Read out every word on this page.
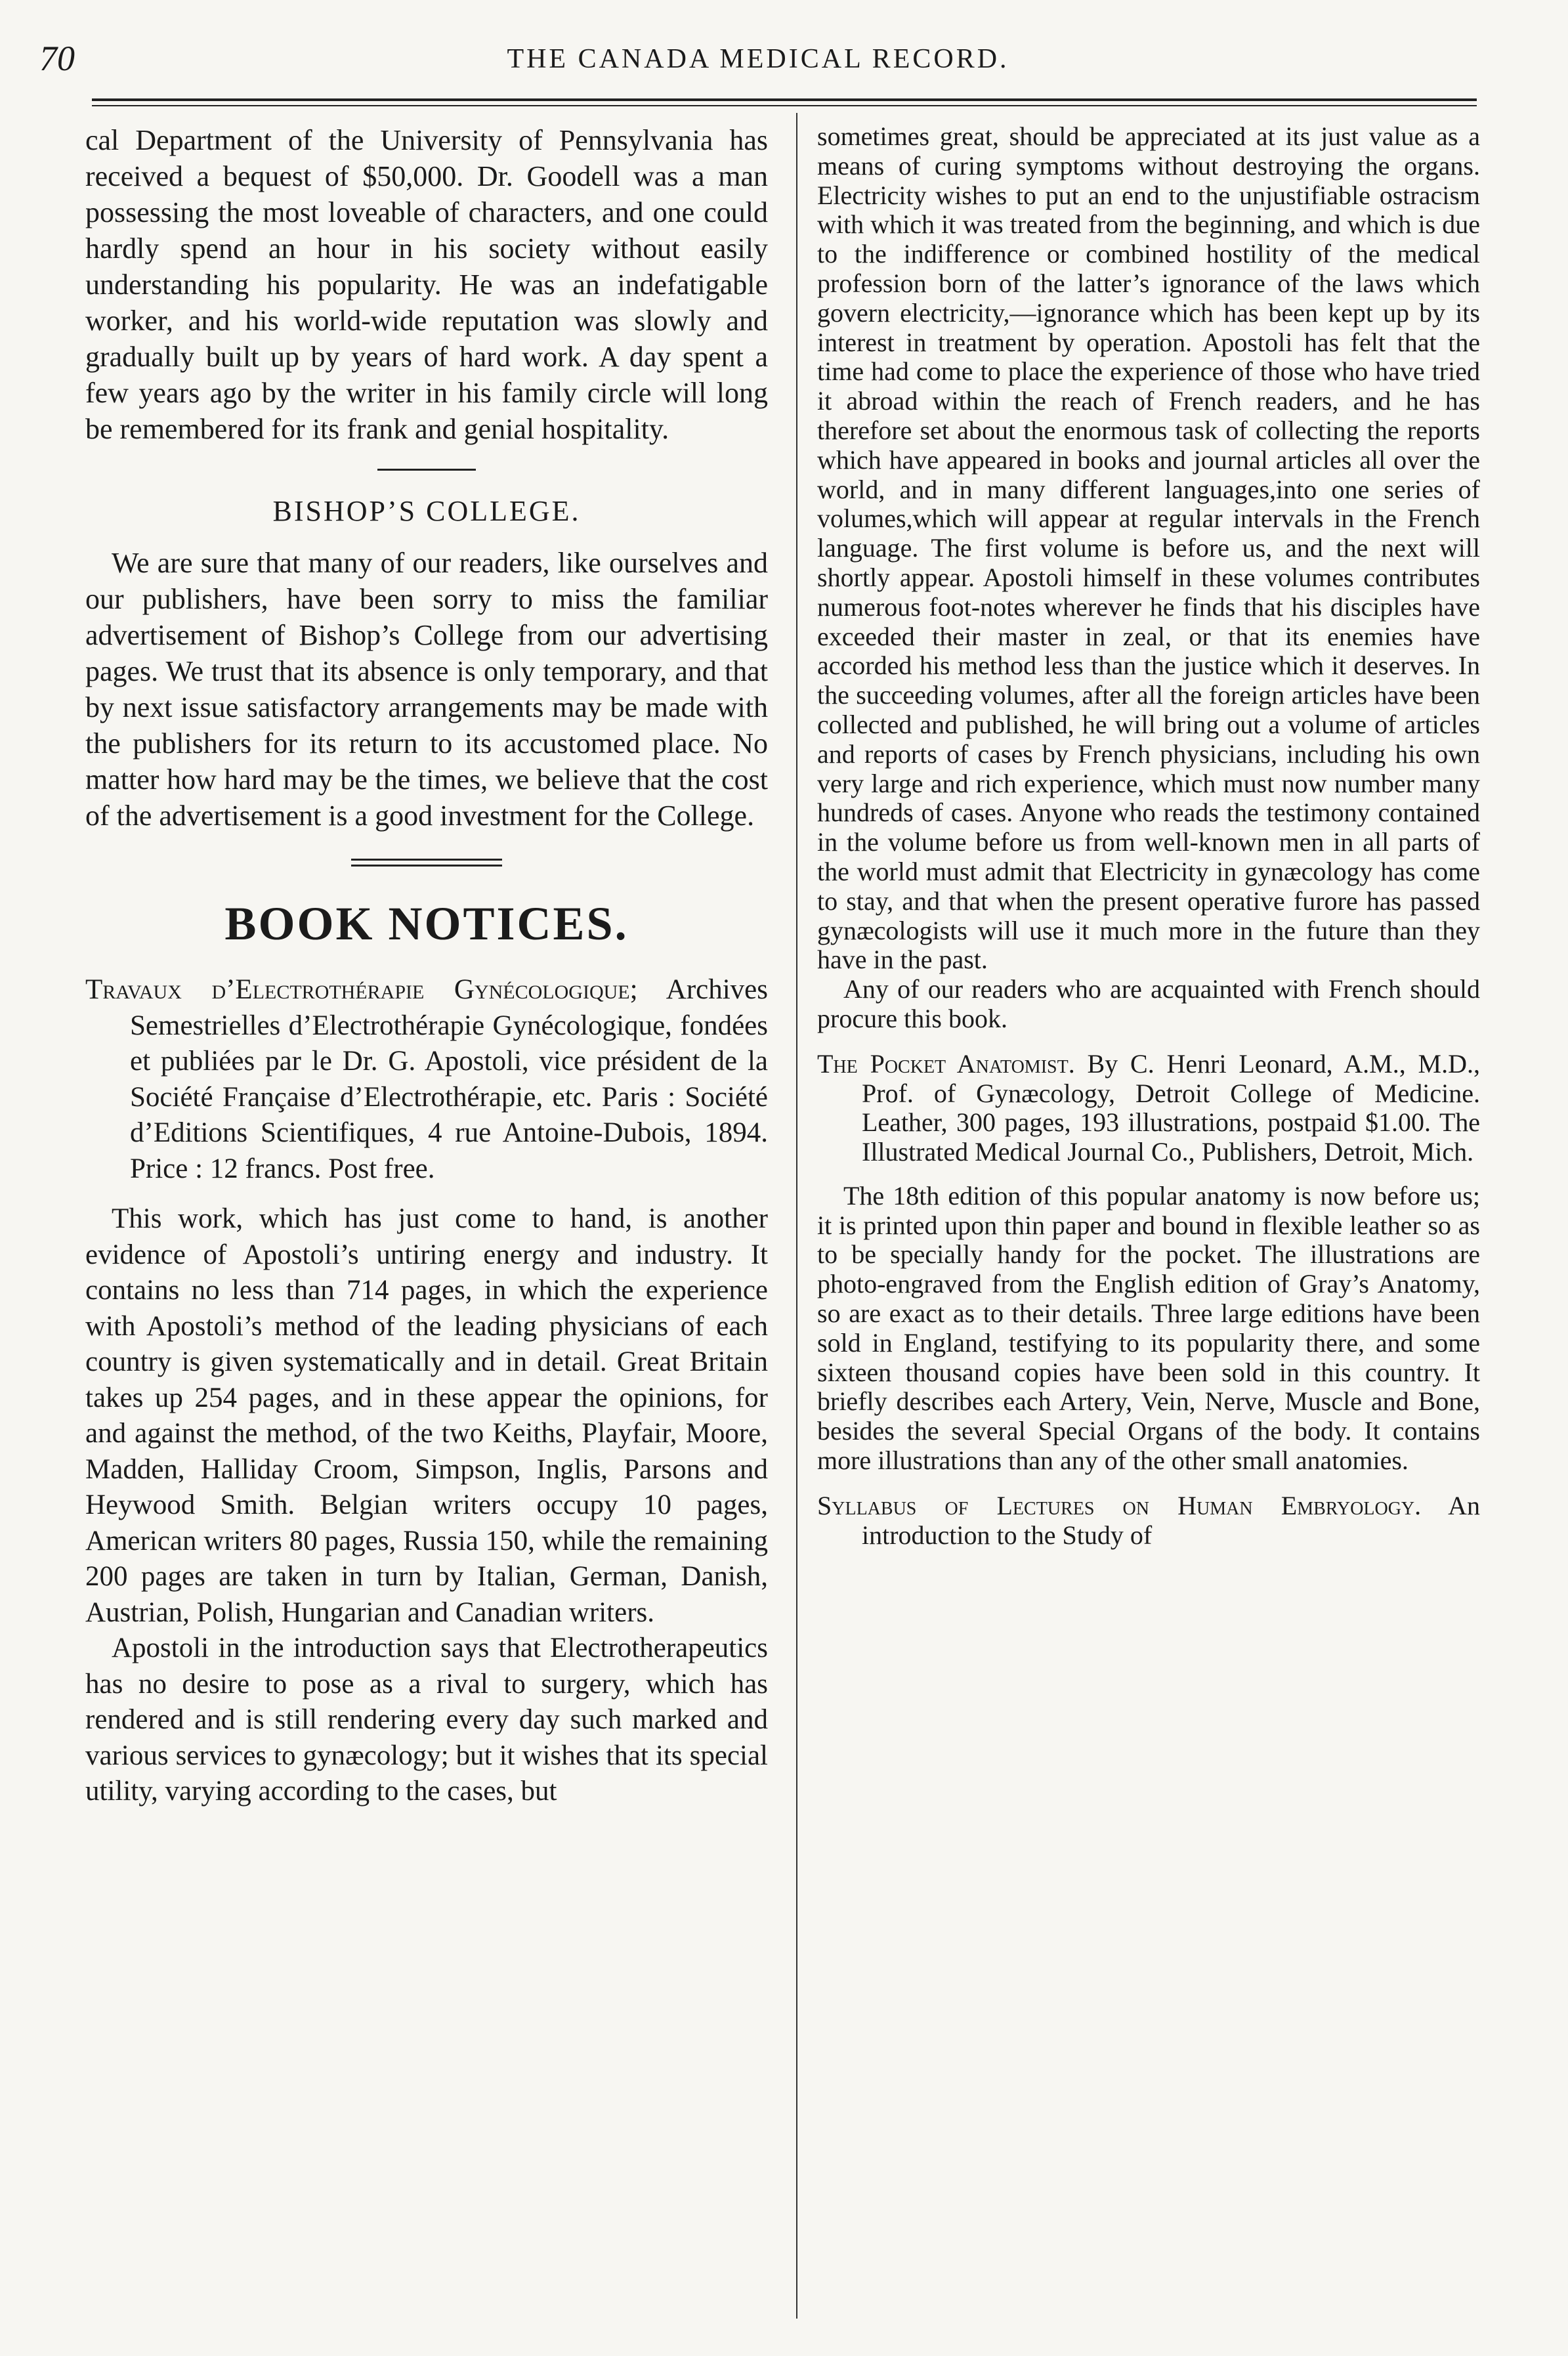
70	THE CANADA MEDICAL RECORD.

cal Department of the University of Pennsylvania has received a bequest of $50,000. Dr. Goodell was a man possessing the most loveable of characters, and one could hardly spend an hour in his society without easily understanding his popularity. He was an indefatigable worker, and his world-wide reputation was slowly and gradually built up by years of hard work. A day spent a few years ago by the writer in his family circle will long be remembered for its frank and genial hospitality.

BISHOP’S COLLEGE.

We are sure that many of our readers, like ourselves and our publishers, have been sorry to miss the familiar advertisement of Bishop’s College from our advertising pages. We trust that its absence is only temporary, and that by next issue satisfactory arrangements may be made with the publishers for its return to its accustomed place. No matter how hard may be the times, we believe that the cost of the advertisement is a good investment for the College.

BOOK NOTICES.

Travaux d’Electrothérapie Gynécologique; Archives Semestrielles d’Electrothérapie Gynécologique, fondées et publiées par le Dr. G. Apostoli, vice président de la Société Française d’Electrothérapie, etc. Paris : Société d’Editions Scientifiques, 4 rue Antoine-Dubois, 1894. Price : 12 francs. Post free.

This work, which has just come to hand, is another evidence of Apostoli’s untiring energy and industry. It contains no less than 714 pages, in which the experience with Apostoli’s method of the leading physicians of each country is given systematically and in detail. Great Britain takes up 254 pages, and in these appear the opinions, for and against the method, of the two Keiths, Playfair, Moore, Madden, Halliday Croom, Simpson, Inglis, Parsons and Heywood Smith. Belgian writers occupy 10 pages, American writers 80 pages, Russia 150, while the remaining 200 pages are taken in turn by Italian, German, Danish, Austrian, Polish, Hungarian and Canadian writers.

Apostoli in the introduction says that Electrotherapeutics has no desire to pose as a rival to surgery, which has rendered and is still rendering every day such marked and various services to gynæcology; but it wishes that its special utility, varying according to the cases, but

sometimes great, should be appreciated at its just value as a means of curing symptoms without destroying the organs. Electricity wishes to put an end to the unjustifiable ostracism with which it was treated from the beginning, and which is due to the indifference or combined hostility of the medical profession born of the latter’s ignorance of the laws which govern electricity,—ignorance which has been kept up by its interest in treatment by operation. Apostoli has felt that the time had come to place the experience of those who have tried it abroad within the reach of French readers, and he has therefore set about the enormous task of collecting the reports which have appeared in books and journal articles all over the world, and in many different languages,into one series of volumes,which will appear at regular intervals in the French language. The first volume is before us, and the next will shortly appear. Apostoli himself in these volumes contributes numerous foot-notes wherever he finds that his disciples have exceeded their master in zeal, or that its enemies have accorded his method less than the justice which it deserves. In the succeeding volumes, after all the foreign articles have been collected and published, he will bring out a volume of articles and reports of cases by French physicians, including his own very large and rich experience, which must now number many hundreds of cases. Anyone who reads the testimony contained in the volume before us from well-known men in all parts of the world must admit that Electricity in gynæcology has come to stay, and that when the present operative furore has passed gynæcologists will use it much more in the future than they have in the past.

Any of our readers who are acquainted with French should procure this book.

The Pocket Anatomist. By C. Henri Leonard, A.M., M.D., Prof. of Gynæcology, Detroit College of Medicine. Leather, 300 pages, 193 illustrations, postpaid $1.00. The Illustrated Medical Journal Co., Publishers, Detroit, Mich.

The 18th edition of this popular anatomy is now before us; it is printed upon thin paper and bound in flexible leather so as to be specially handy for the pocket. The illustrations are photo-engraved from the English edition of Gray’s Anatomy, so are exact as to their details. Three large editions have been sold in England, testifying to its popularity there, and some sixteen thousand copies have been sold in this country. It briefly describes each Artery, Vein, Nerve, Muscle and Bone, besides the several Special Organs of the body. It contains more illustrations than any of the other small anatomies.

Syllabus of Lectures on Human Embryology. An introduction to the Study of
